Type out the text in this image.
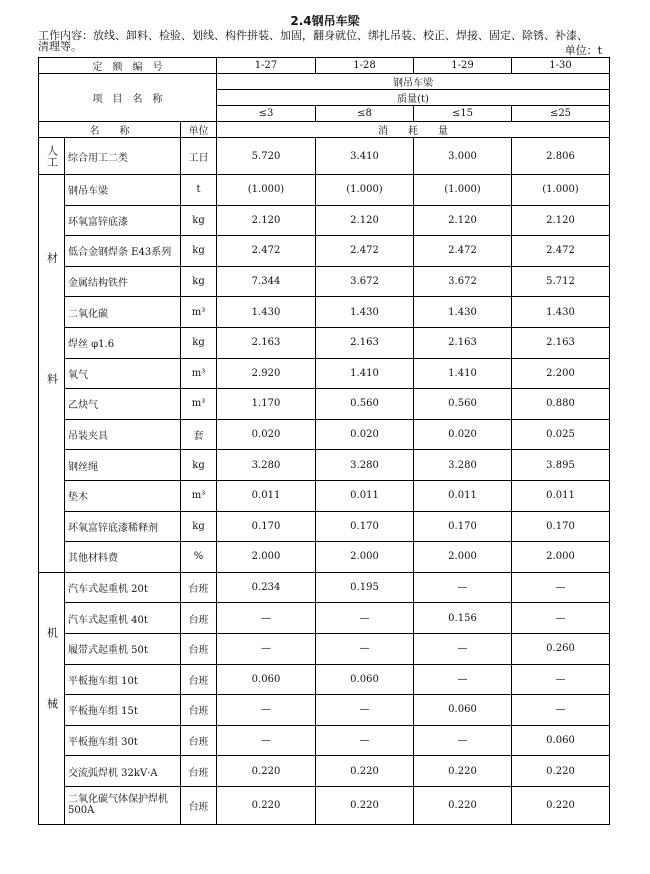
2.4钢吊车梁
工作内容：放线、卸料、检验、划线、构件拼装、加固，翻身就位、绑扎吊装、校正、焊接、固定、除锈、补漆、清理等。	单位：t
定　额　编　号			1-27	1-28	1-29	1-30
项　目　名　称			钢吊车梁			
			质量(t)			
			≤3	≤8	≤15	≤25
名　　称		单位	消　　耗　　量			
人工	综合用工二类	工日	5.720	3.410	3.000	2.806
材料	钢吊车梁	t	(1.000)	(1.000)	(1.000)	(1.000)
	环氧富锌底漆	kg	2.120	2.120	2.120	2.120
	低合金钢焊条 E43系列	kg	2.472	2.472	2.472	2.472
	金属结构铁件	kg	7.344	3.672	3.672	5.712
	二氧化碳	m³	1.430	1.430	1.430	1.430
	焊丝 φ1.6	kg	2.163	2.163	2.163	2.163
	氧气	m³	2.920	1.410	1.410	2.200
	乙炔气	m³	1.170	0.560	0.560	0.880
	吊装夹具	套	0.020	0.020	0.020	0.025
	钢丝绳	kg	3.280	3.280	3.280	3.895
	垫木	m³	0.011	0.011	0.011	0.011
	环氧富锌底漆稀释剂	kg	0.170	0.170	0.170	0.170
	其他材料费	%	2.000	2.000	2.000	2.000
机械	汽车式起重机 20t	台班	0.234	0.195	—	—
	汽车式起重机 40t	台班	—	—	0.156	—
	履带式起重机 50t	台班	—	—	—	0.260
	平板拖车组 10t	台班	0.060	0.060	—	—
	平板拖车组 15t	台班	—	—	0.060	—
	平板拖车组 30t	台班	—	—	—	0.060
	交流弧焊机 32kV·A	台班	0.220	0.220	0.220	0.220
	二氧化碳气体保护焊机 500A	台班	0.220	0.220	0.220	0.220
